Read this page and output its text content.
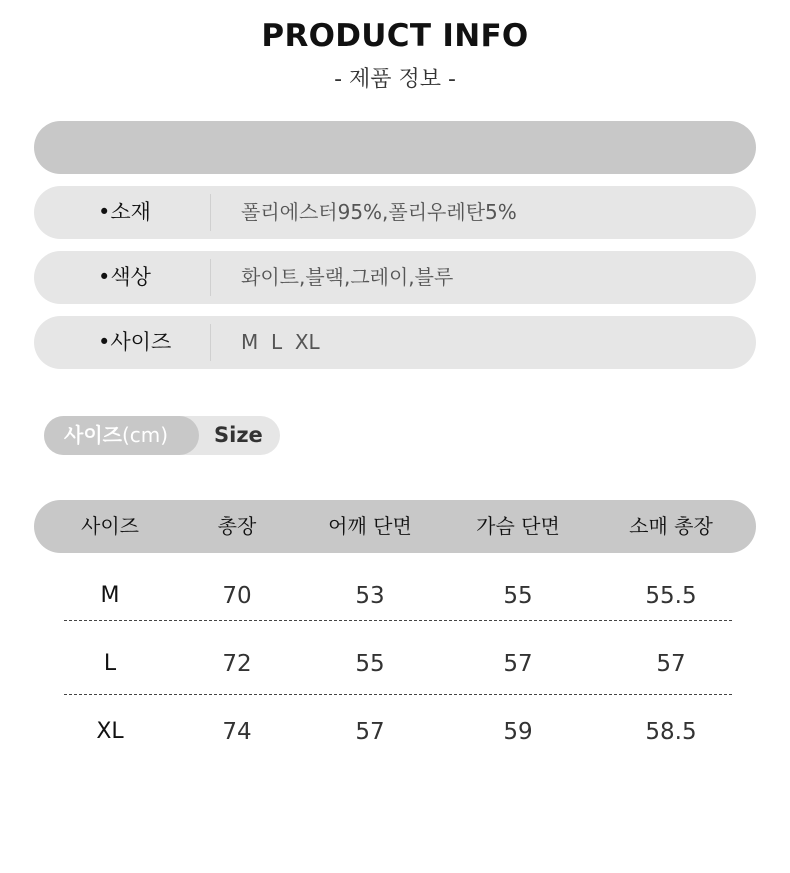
PRODUCT INFO
- 제품 정보 -
•소재	폴리에스터95%,폴리우레탄5%
•색상	화이트,블랙,그레이,블루
•사이즈	M  L  XL
사이즈(cm) Size
사이즈	총장	어깨 단면	가슴 단면	소매 총장
M	70	53	55	55.5
L	72	55	57	57
XL	74	57	59	58.5
